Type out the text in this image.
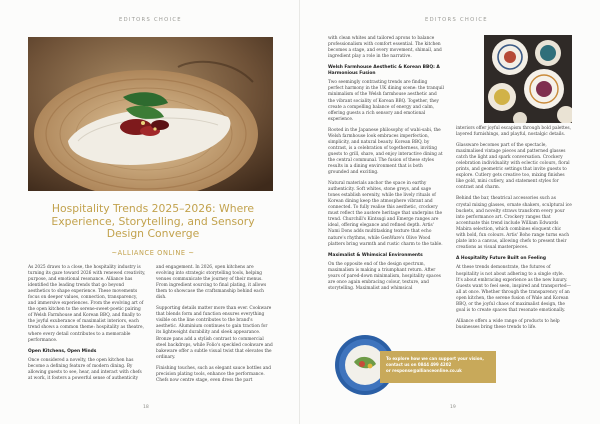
EDITORS CHOICE
Hospitality Trends 2025–2026: Where
Experience, Storytelling, and Sensory
Design Converge
~ALLIANCE ONLINE ~

As 2025 draws to a close, the hospitality industry is turning its gaze toward 2026 with renewed creativity, purpose, and emotional resonance. Alliance has identified the leading trends that go beyond aesthetics to shape experience. These movements focus on deeper values, connection, transparency, and immersive experiences. From the evolving art of the open kitchen to the serene-sweet-poetic pairing of Welsh Farmhouse and Korean BBQ, and finally to the joyful exuberance of maximalist interiors, each trend shows a common theme: hospitality as theatre, where every detail contributes to a memorable performance.

Open Kitchens, Open Minds

Once considered a novelty, the open kitchen has become a defining feature of modern dining. By allowing guests to see, hear, and interact with chefs at work, it fosters a powerful sense of authenticity

and engagement. In 2026, open kitchens are evolving into strategic storytelling tools, helping venues communicate the journey of their menus. From ingredient sourcing to final plating, it allows them to showcase the craftsmanship behind each dish.

Supporting details matter more than ever. Cookware that blends form and function ensures everything visible on the line contributes to the brand's aesthetic. Aluminium continues to gain traction for its lightweight durability and sleek appearance. Bronze pans add a stylish contrast to commercial steel backdrops, while Folio's speckled cookware and bakeware offer a subtle visual twist that elevates the ordinary.

Finishing touches, such as elegant sauce bottles and precision plating tools, enhance the performance. Chefs now centre stage, even dress the part

18
EDITORS CHOICE

with clean whites and tailored aprons to balance professionalism with comfort essential. The kitchen becomes a stage, and every movement, shimail, and ingredient play a role in the narrative.

Welsh Farmhouse Aesthetic & Korean BBQ: A Harmonious Fusion

Two seemingly contrasting trends are finding perfect harmony in the UK dining scene: the tranquil minimalism of the Welsh farmhouse aesthetic and the vibrant sociality of Korean BBQ. Together, they create a compelling balance of energy and calm, offering guests a rich sensory and emotional experience.

Rooted in the Japanese philosophy of wabi-sabi, the Welsh farmhouse look embraces imperfection, simplicity, and natural beauty. Korean BBQ, by contrast, is a celebration of togetherness, inviting guests to grill, share, and enjoy interactive dining at the central communal. The fusion of these styles results in a dining environment that is both grounded and exciting.

Natural materials anchor the space in earthy authenticity. Soft whites, stone greys, and sage tones establish serenity, while the lively rituals of Korean dining keep the atmosphere vibrant and connected. To fully realise this aesthetic, crockery must reflect the austere heritage that underpins the trend. Churchill's Kintsugi and Emerge ranges are ideal, offering elegance and refined depth. Artis' Nami Dons adds multitasking texture that echo nature's rhythms, while GenWare's Olive Wood platters bring warmth and rustic charm to the table.

Maximalist & Whimsical Environments

On the opposite end of the design spectrum, maximalism is making a triumphant return. After years of pared-down minimalism, hospitality spaces are once again embracing colour, texture, and storytelling. Maximalist and whimsical

interiors offer joyful escapism through bold palettes, layered furnishings, and playful, nostalgic details.

Glassware becomes part of the spectacle, maximalised vintage pieces and patterned glasses catch the light and spark conversation. Crockery celebration individuality with eclectic colours, floral prints, and geometric settings that invite guests to explore. Cutlery gets creative too, mixing finishes like gold, mini cutlery, and statement styles for contrast and charm.

Behind the bar, theatrical accessories such as crystal mixing glasses, ornate shakers, sculptural ice buckets, and novelty straws transform every pour into performance art. Crockery ranges that accentuate this trend include William Edwards Mabira selection, which combines eloquent chic with bold, fun colours. Artis' Boho range turns each plate into a canvas, allowing chefs to present their creations as visual masterpieces.

A Hospitality Future Built on Feeling

At these trends demonstrate, the futures of hospitality is not about adhering to a single style. It's about embracing experience as the new luxury. Guests want to feel seen, inspired and transported—all at once. Whether through the transparency of an open kitchen, the serene fusion of Wale and Korean BBQ, or the joyful chaos of maximalist design, the goal is to create spaces that resonate emotionally.

Alliance offers a wide range of products to help businesses bring these trends to life.

19
To explore how we can support your vision,
contact us on 0844 499 4202
or response@allianceonline.co.uk
